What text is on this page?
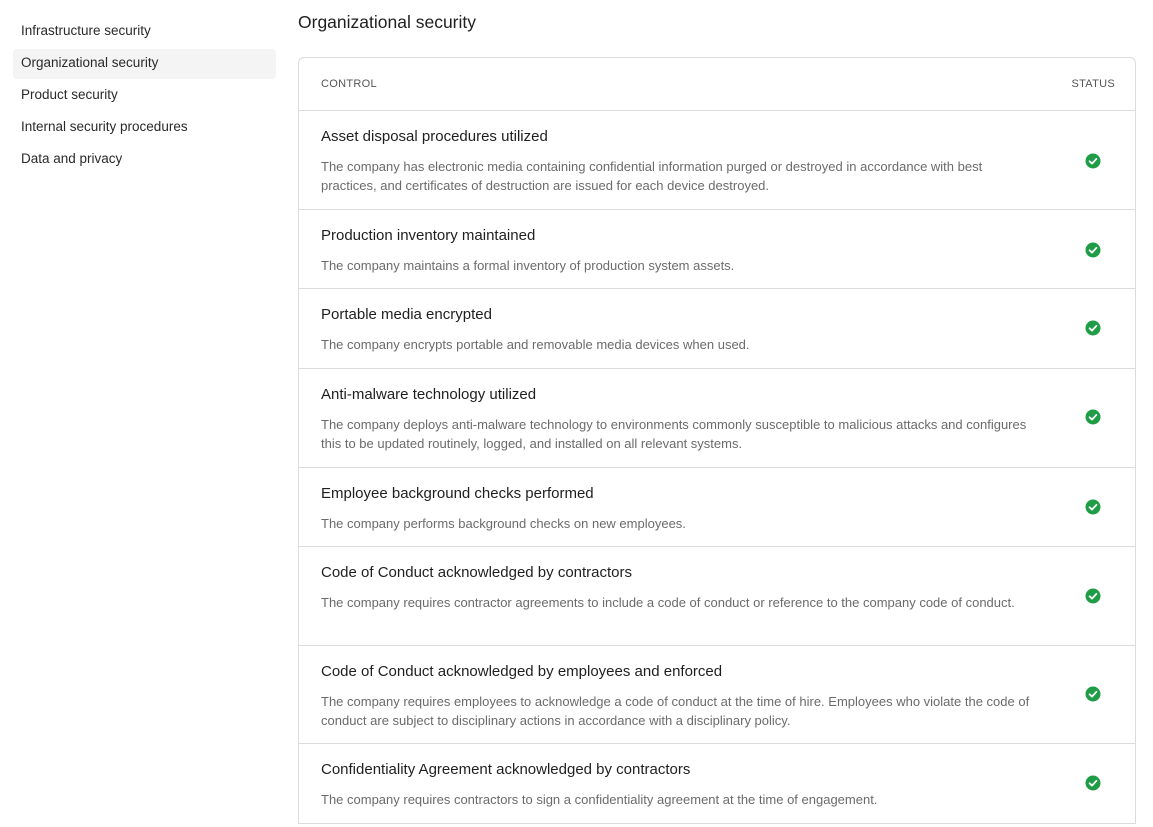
Infrastructure security
Organizational security
Product security
Internal security procedures
Data and privacy
Organizational security
CONTROL	STATUS
Asset disposal procedures utilized
The company has electronic media containing confidential information purged or destroyed in accordance with best practices, and certificates of destruction are issued for each device destroyed.
Production inventory maintained
The company maintains a formal inventory of production system assets.
Portable media encrypted
The company encrypts portable and removable media devices when used.
Anti-malware technology utilized
The company deploys anti-malware technology to environments commonly susceptible to malicious attacks and configures this to be updated routinely, logged, and installed on all relevant systems.
Employee background checks performed
The company performs background checks on new employees.
Code of Conduct acknowledged by contractors
The company requires contractor agreements to include a code of conduct or reference to the company code of conduct.
Code of Conduct acknowledged by employees and enforced
The company requires employees to acknowledge a code of conduct at the time of hire. Employees who violate the code of conduct are subject to disciplinary actions in accordance with a disciplinary policy.
Confidentiality Agreement acknowledged by contractors
The company requires contractors to sign a confidentiality agreement at the time of engagement.
